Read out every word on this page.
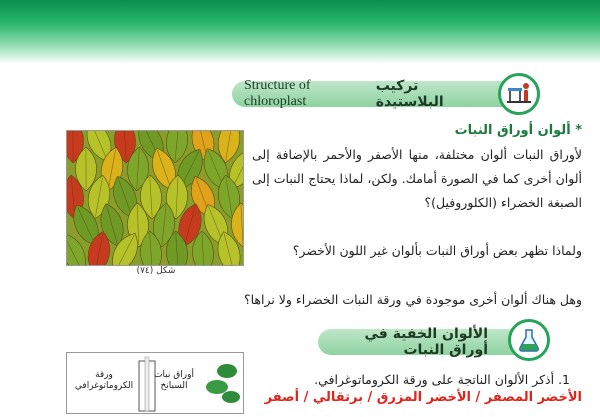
Structure of chloroplast
تركيب البلاستيدة
شكل (٧٤)
* ألوان أوراق النبات
لأوراق النبات ألوان مختلفة، منها الأصفر والأحمر بالإضافة إلى ألوان أخرى كما في الصورة أمامك. ولكن، لماذا يحتاج النبات إلى الصبغة الخضراء (الكلوروفيل)؟
ولماذا تظهر بعض أوراق النبات بألوان غير اللون الأخضر؟
وهل هناك ألوان أخرى موجودة في ورقة النبات الخضراء ولا نراها؟
الألوان الخفية في أوراق النبات
أوراق نبات السبانخ
ورقة الكروماتوغرافي	1. أذكر الألوان الناتجة على ورقة الكروماتوغرافي.
الأخضر المصفر / الأخضر المزرق / برتقالي / أصفر
